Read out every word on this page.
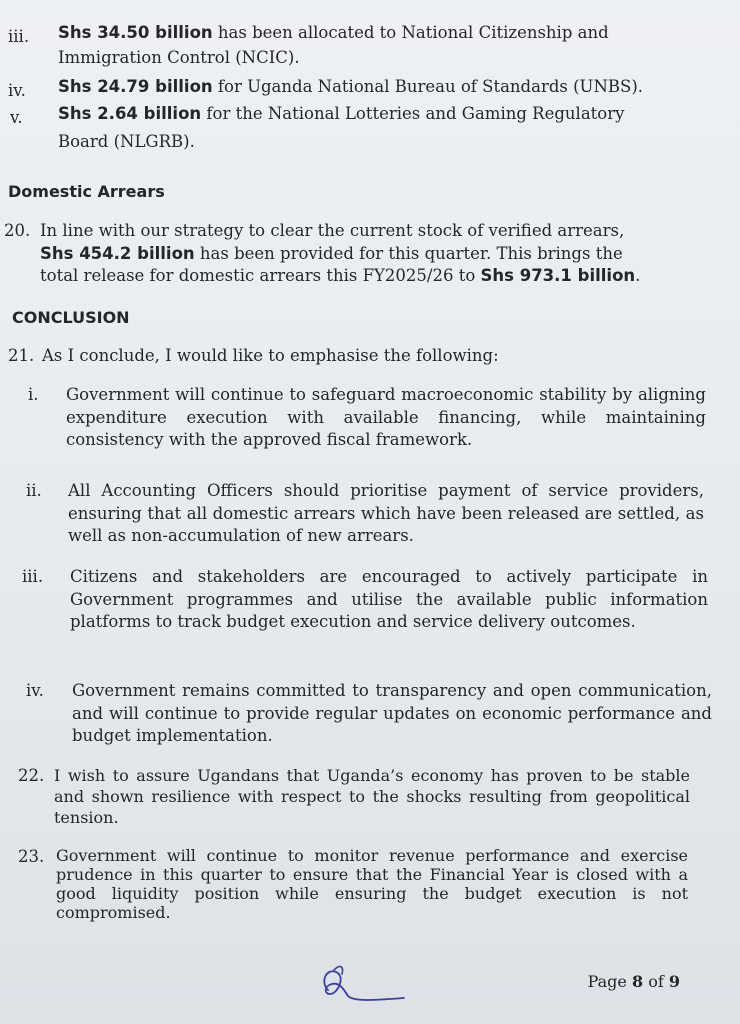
iii. Shs 34.50 billion has been allocated to National Citizenship and
Immigration Control (NCIC).
iv. Shs 24.79 billion for Uganda National Bureau of Standards (UNBS).
v. Shs 2.64 billion for the National Lotteries and Gaming Regulatory
Board (NLGRB).
Domestic Arrears
20. In line with our strategy to clear the current stock of verified arrears,
Shs 454.2 billion has been provided for this quarter. This brings the
total release for domestic arrears this FY2025/26 to Shs 973.1 billion.
CONCLUSION
21. As I conclude, I would like to emphasise the following:
i. Government will continue to safeguard macroeconomic stability by aligning expenditure execution with available financing, while maintaining consistency with the approved fiscal framework.
ii. All Accounting Officers should prioritise payment of service providers, ensuring that all domestic arrears which have been released are settled, as well as non-accumulation of new arrears.
iii. Citizens and stakeholders are encouraged to actively participate in Government programmes and utilise the available public information platforms to track budget execution and service delivery outcomes.
iv. Government remains committed to transparency and open communication, and will continue to provide regular updates on economic performance and budget implementation.
22. I wish to assure Ugandans that Uganda’s economy has proven to be stable and shown resilience with respect to the shocks resulting from geopolitical tension.
23. Government will continue to monitor revenue performance and exercise prudence in this quarter to ensure that the Financial Year is closed with a good liquidity position while ensuring the budget execution is not compromised.
Page 8 of 9
